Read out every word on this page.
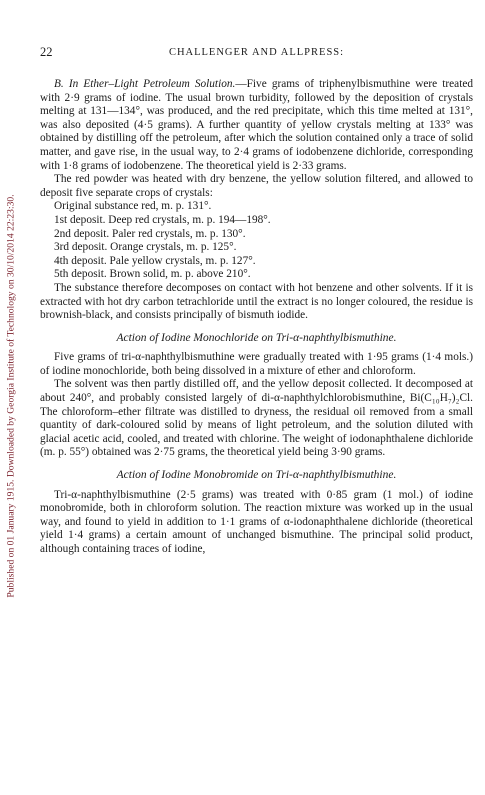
Published on 01 January 1915. Downloaded by Georgia Institute of Technology on 30/10/2014 22:23:30.
22	CHALLENGER AND ALLPRESS:

B. In Ether–Light Petroleum Solution.—Five grams of triphenylbismuthine were treated with 2·9 grams of iodine. The usual brown turbidity, followed by the deposition of crystals melting at 131—134°, was produced, and the red precipitate, which this time melted at 131°, was also deposited (4·5 grams). A further quantity of yellow crystals melting at 133° was obtained by distilling off the petroleum, after which the solution contained only a trace of solid matter, and gave rise, in the usual way, to 2·4 grams of iodobenzene dichloride, corresponding with 1·8 grams of iodobenzene. The theoretical yield is 2·33 grams.

The red powder was heated with dry benzene, the yellow solution filtered, and allowed to deposit five separate crops of crystals:

Original substance red, m. p. 131°.
1st deposit. Deep red crystals, m. p. 194—198°.
2nd deposit. Paler red crystals, m. p. 130°.
3rd deposit. Orange crystals, m. p. 125°.
4th deposit. Pale yellow crystals, m. p. 127°.
5th deposit. Brown solid, m. p. above 210°.

The substance therefore decomposes on contact with hot benzene and other solvents. If it is extracted with hot dry carbon tetrachloride until the extract is no longer coloured, the residue is brownish-black, and consists principally of bismuth iodide.

Action of Iodine Monochloride on Tri-α-naphthylbismuthine.

Five grams of tri-α-naphthylbismuthine were gradually treated with 1·95 grams (1·4 mols.) of iodine monochloride, both being dissolved in a mixture of ether and chloroform.

The solvent was then partly distilled off, and the yellow deposit collected. It decomposed at about 240°, and probably consisted largely of di-α-naphthylchlorobismuthine, Bi(C₁₀H₇)₂Cl. The chloroform–ether filtrate was distilled to dryness, the residual oil removed from a small quantity of dark-coloured solid by means of light petroleum, and the solution diluted with glacial acetic acid, cooled, and treated with chlorine. The weight of iodonaphthalene dichloride (m. p. 55°) obtained was 2·75 grams, the theoretical yield being 3·90 grams.

Action of Iodine Monobromide on Tri-α-naphthylbismuthine.

Tri-α-naphthylbismuthine (2·5 grams) was treated with 0·85 gram (1 mol.) of iodine monobromide, both in chloroform solution. The reaction mixture was worked up in the usual way, and found to yield in addition to 1·1 grams of α-iodonaphthalene dichloride (theoretical yield 1·4 grams) a certain amount of unchanged bismuthine. The principal solid product, although containing traces of iodine,
